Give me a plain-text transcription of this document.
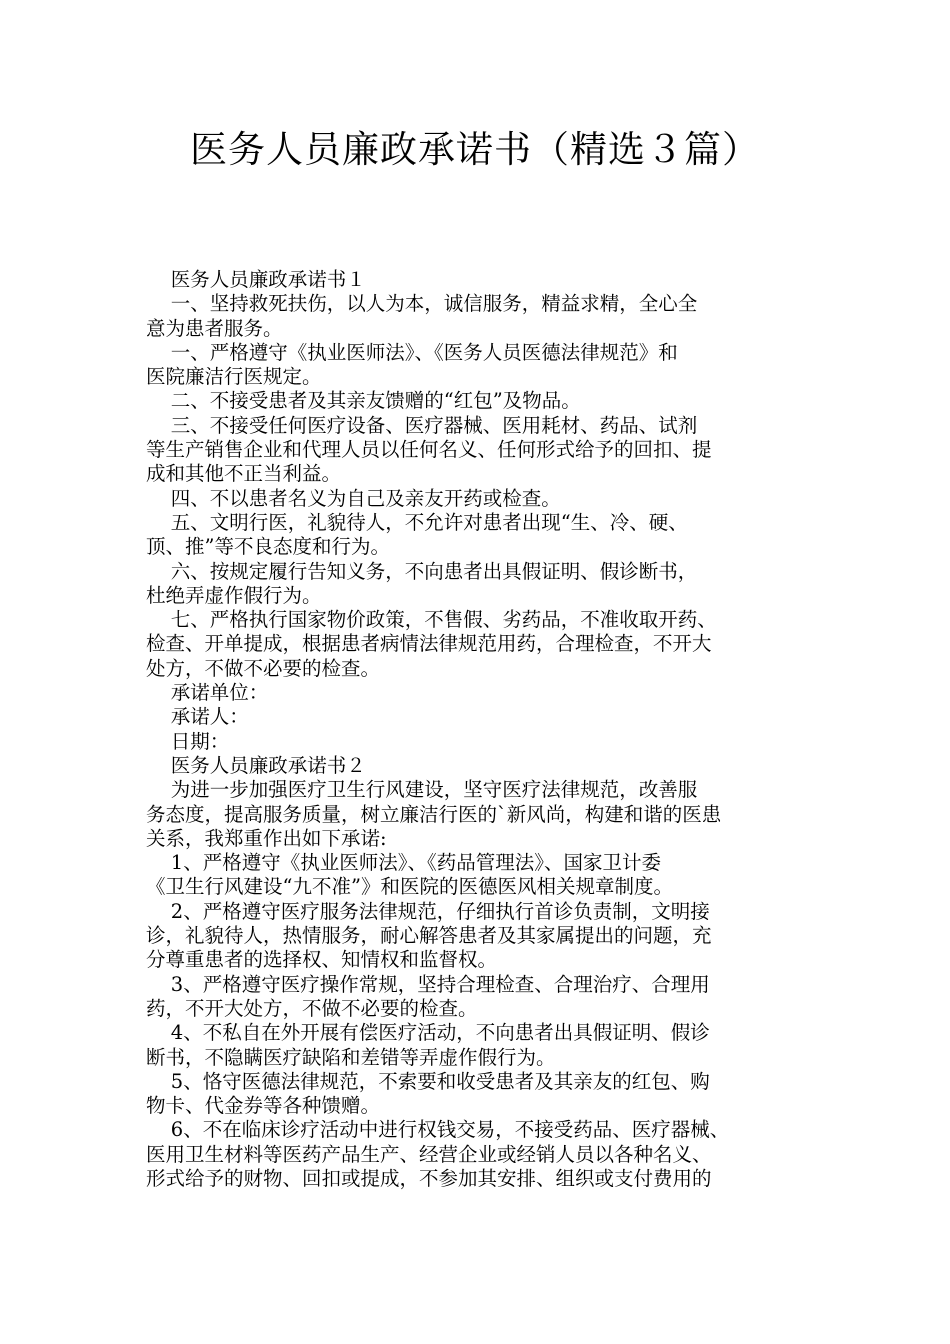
医务人员廉政承诺书（精选３篇）
医务人员廉政承诺书１
一、坚持救死扶伤，以人为本，诚信服务，精益求精，全心全
意为患者服务。
一、严格遵守《执业医师法》、《医务人员医德法律规范》和
医院廉洁行医规定。
二、不接受患者及其亲友馈赠的“红包”及物品。
三、不接受任何医疗设备、医疗器械、医用耗材、药品、试剂
等生产销售企业和代理人员以任何名义、任何形式给予的回扣、提
成和其他不正当利益。
四、不以患者名义为自己及亲友开药或检查。
五、文明行医，礼貌待人，不允许对患者出现“生、冷、硬、
顶、推”等不良态度和行为。
六、按规定履行告知义务，不向患者出具假证明、假诊断书，
杜绝弄虚作假行为。
七、严格执行国家物价政策，不售假、劣药品，不准收取开药、
检查、开单提成，根据患者病情法律规范用药，合理检查，不开大
处方，不做不必要的检查。
承诺单位：
承诺人：
日期：
医务人员廉政承诺书２
为进一步加强医疗卫生行风建设，坚守医疗法律规范，改善服
务态度，提高服务质量，树立廉洁行医的`新风尚，构建和谐的医患
关系，我郑重作出如下承诺:
1、严格遵守《执业医师法》、《药品管理法》、国家卫计委
《卫生行风建设“九不准”》和医院的医德医风相关规章制度。
2、严格遵守医疗服务法律规范，仔细执行首诊负责制，文明接
诊，礼貌待人，热情服务，耐心解答患者及其家属提出的问题，充
分尊重患者的选择权、知情权和监督权。
3、严格遵守医疗操作常规，坚持合理检查、合理治疗、合理用
药，不开大处方，不做不必要的检查。
4、不私自在外开展有偿医疗活动，不向患者出具假证明、假诊
断书，不隐瞒医疗缺陷和差错等弄虚作假行为。
5、恪守医德法律规范，不索要和收受患者及其亲友的红包、购
物卡、代金券等各种馈赠。
6、不在临床诊疗活动中进行权钱交易，不接受药品、医疗器械、
医用卫生材料等医药产品生产、经营企业或经销人员以各种名义、
形式给予的财物、回扣或提成，不参加其安排、组织或支付费用的
